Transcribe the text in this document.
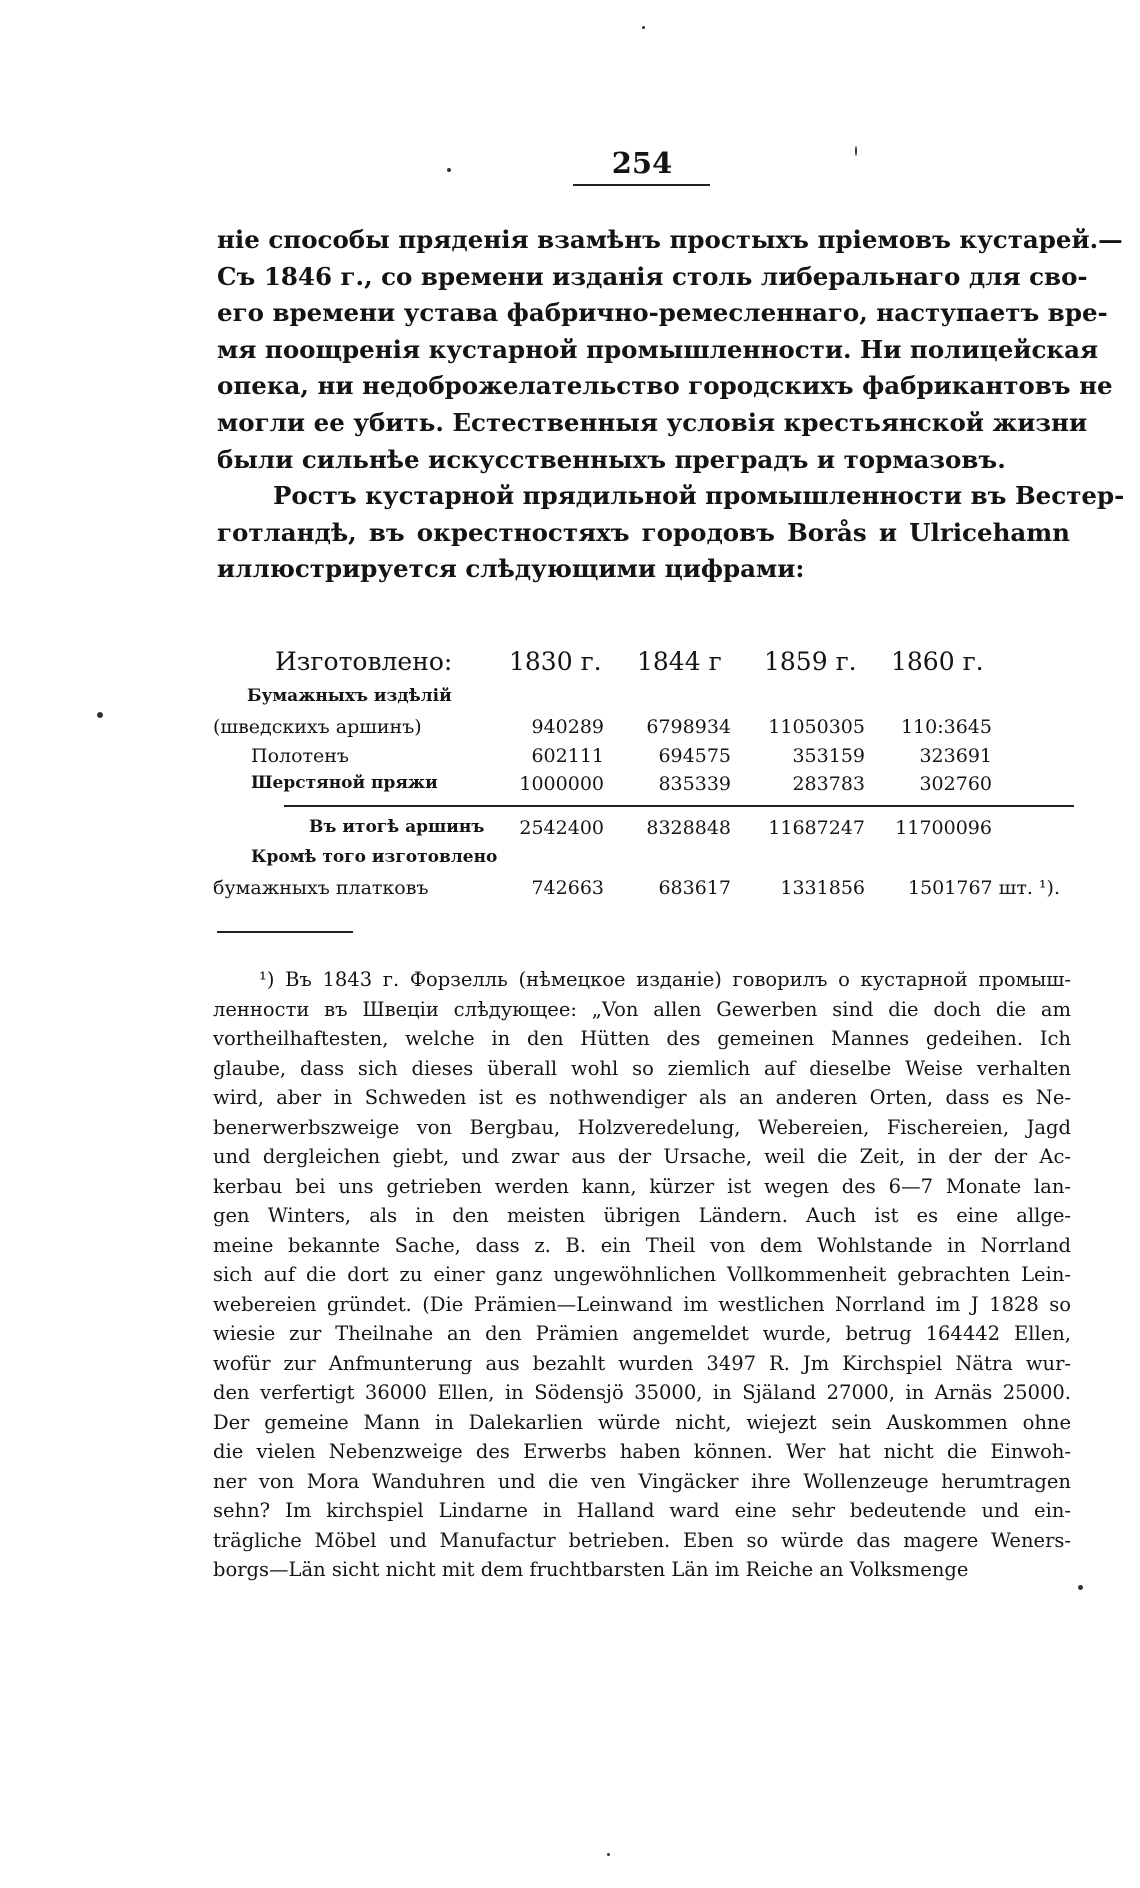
254
ніе способы пряденія взамѣнъ простыхъ пріемовъ кустарей.—
Съ 1846 г., со времени изданія столь либеральнаго для сво-
его времени устава фабрично-ремесленнаго, наступаетъ вре-
мя поощренія кустарной промышленности. Ни полицейская
опека, ни недоброжелательство городскихъ фабрикантовъ не
могли ее убить. Естественныя условія крестьянской жизни
были сильнѣе искусственныхъ преградъ и тормазовъ.
Ростъ кустарной прядильной промышленности въ Вестер-
готландѣ, въ окрестностяхъ городовъ Borås и Ulricehamn
иллюстрируется слѣдующими цифрами:
Изготовлено: 1830 г. 1844 г 1859 г. 1860 г.
Бумажныхъ издѣлій
(шведскихъ аршинъ)	940289	6798934	11050305	110:3645
Полотенъ	602111	694575	353159	323691
Шерстяной пряжи	1000000	835339	283783	302760
Въ итогѣ аршинъ	2542400	8328848	11687247	11700096
Кромѣ того изготовлено
бумажныхъ платковъ	742663	683617	1331856 1501767 шт. ¹).
¹) Въ 1843 г. Форзелль (нѣмецкое изданіе) говорилъ о кустарной промыш-
ленности въ Швеціи слѣдующее: „Von allen Gewerben sind die doch die am
vortheilhaftesten, welche in den Hütten des gemeinen Mannes gedeihen. Ich
glaube, dass sich dieses überall wohl so ziemlich auf dieselbe Weise verhalten
wird, aber in Schweden ist es nothwendiger als an anderen Orten, dass es Ne-
benerwerbszweige von Bergbau, Holzveredelung, Webereien, Fischereien, Jagd
und dergleichen giebt, und zwar aus der Ursache, weil die Zeit, in der der Ac-
kerbau bei uns getrieben werden kann, kürzer ist wegen des 6—7 Monate lan-
gen Winters, als in den meisten übrigen Ländern. Auch ist es eine allge-
meine bekannte Sache, dass z. B. ein Theil von dem Wohlstande in Norrland
sich auf die dort zu einer ganz ungewöhnlichen Vollkommenheit gebrachten Lein-
webereien gründet. (Die Prämien—Leinwand im westlichen Norrland im J 1828 so
wiesie zur Theilnahe an den Prämien angemeldet wurde, betrug 164442 Ellen,
wofür zur Anfmunterung aus bezahlt wurden 3497 R. Jm Kirchspiel Nätra wur-
den verfertigt 36000 Ellen, in Södensjö 35000, in Själand 27000, in Arnäs 25000.
Der gemeine Mann in Dalekarlien würde nicht, wiejezt sein Auskommen ohne
die vielen Nebenzweige des Erwerbs haben können. Wer hat nicht die Einwoh-
ner von Mora Wanduhren und die ven Vingäcker ihre Wollenzeuge herumtragen
sehn? Im kirchspiel Lindarne in Halland ward eine sehr bedeutende und ein-
trägliche Möbel und Manufactur betrieben. Eben so würde das magere Weners-
borgs—Län sicht nicht mit dem fruchtbarsten Län im Reiche an Volksmenge
